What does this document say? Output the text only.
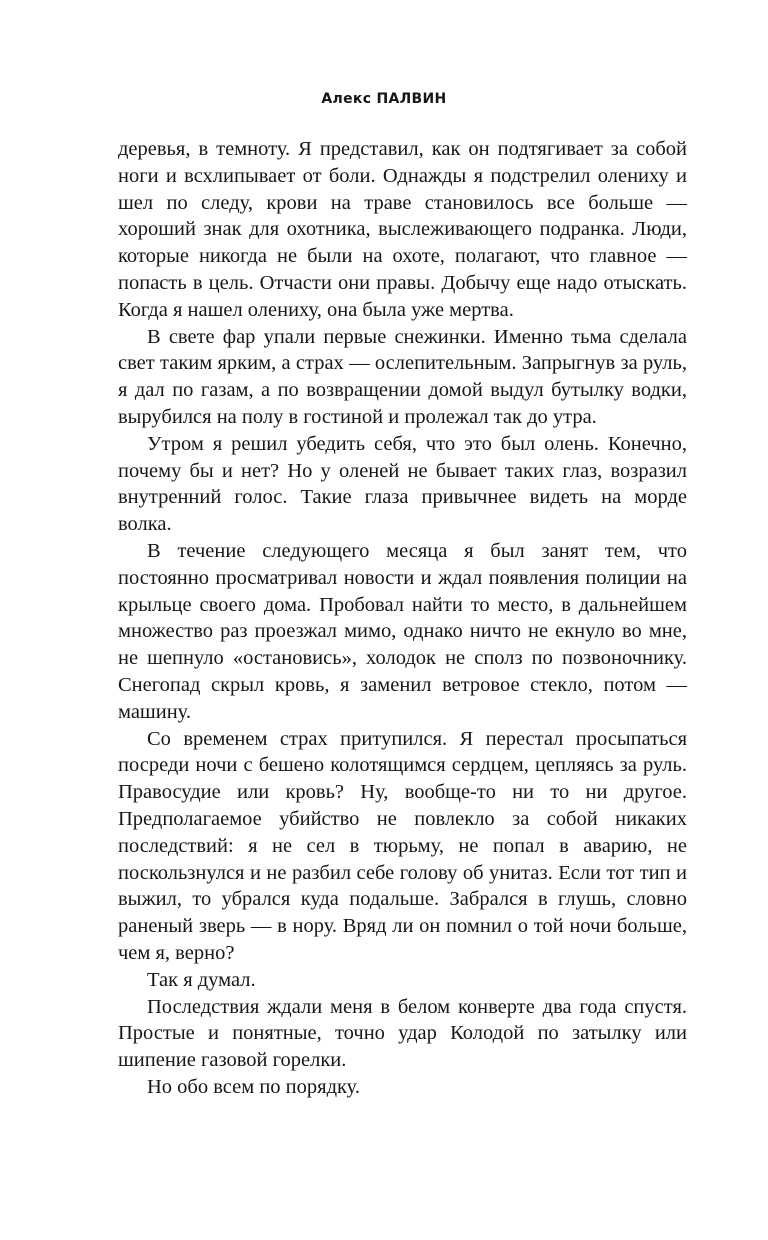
Алекс ПАЛВИН

деревья, в темноту. Я представил, как он подтягивает за собой ноги и всхлипывает от боли. Однажды я подстрелил олениху и шел по следу, крови на траве становилось все больше — хороший знак для охотника, выслеживающего подранка. Люди, которые никогда не были на охоте, полагают, что главное — попасть в цель. Отчасти они правы. Добычу еще надо отыскать. Когда я нашел олениху, она была уже мертва.

В свете фар упали первые снежинки. Именно тьма сделала свет таким ярким, а страх — ослепительным. Запрыгнув за руль, я дал по газам, а по возвращении домой выдул бутылку водки, вырубился на полу в гостиной и пролежал так до утра.

Утром я решил убедить себя, что это был олень. Конечно, почему бы и нет? Но у оленей не бывает таких глаз, возразил внутренний голос. Такие глаза привычнее видеть на морде волка.

В течение следующего месяца я был занят тем, что постоянно просматривал новости и ждал появления полиции на крыльце своего дома. Пробовал найти то место, в дальнейшем множество раз проезжал мимо, однако ничто не екнуло во мне, не шепнуло «остановись», холодок не сполз по позвоночнику. Снегопад скрыл кровь, я заменил ветровое стекло, потом — машину.

Со временем страх притупился. Я перестал просыпаться посреди ночи с бешено колотящимся сердцем, цепляясь за руль. Правосудие или кровь? Ну, вообще-то ни то ни другое. Предполагаемое убийство не повлекло за собой никаких последствий: я не сел в тюрьму, не попал в аварию, не поскользнулся и не разбил себе голову об унитаз. Если тот тип и выжил, то убрался куда подальше. Забрался в глушь, словно раненый зверь — в нору. Вряд ли он помнил о той ночи больше, чем я, верно?

Так я думал.

Последствия ждали меня в белом конверте два года спустя. Простые и понятные, точно удар Колодой по затылку или шипение газовой горелки.

Но обо всем по порядку.
